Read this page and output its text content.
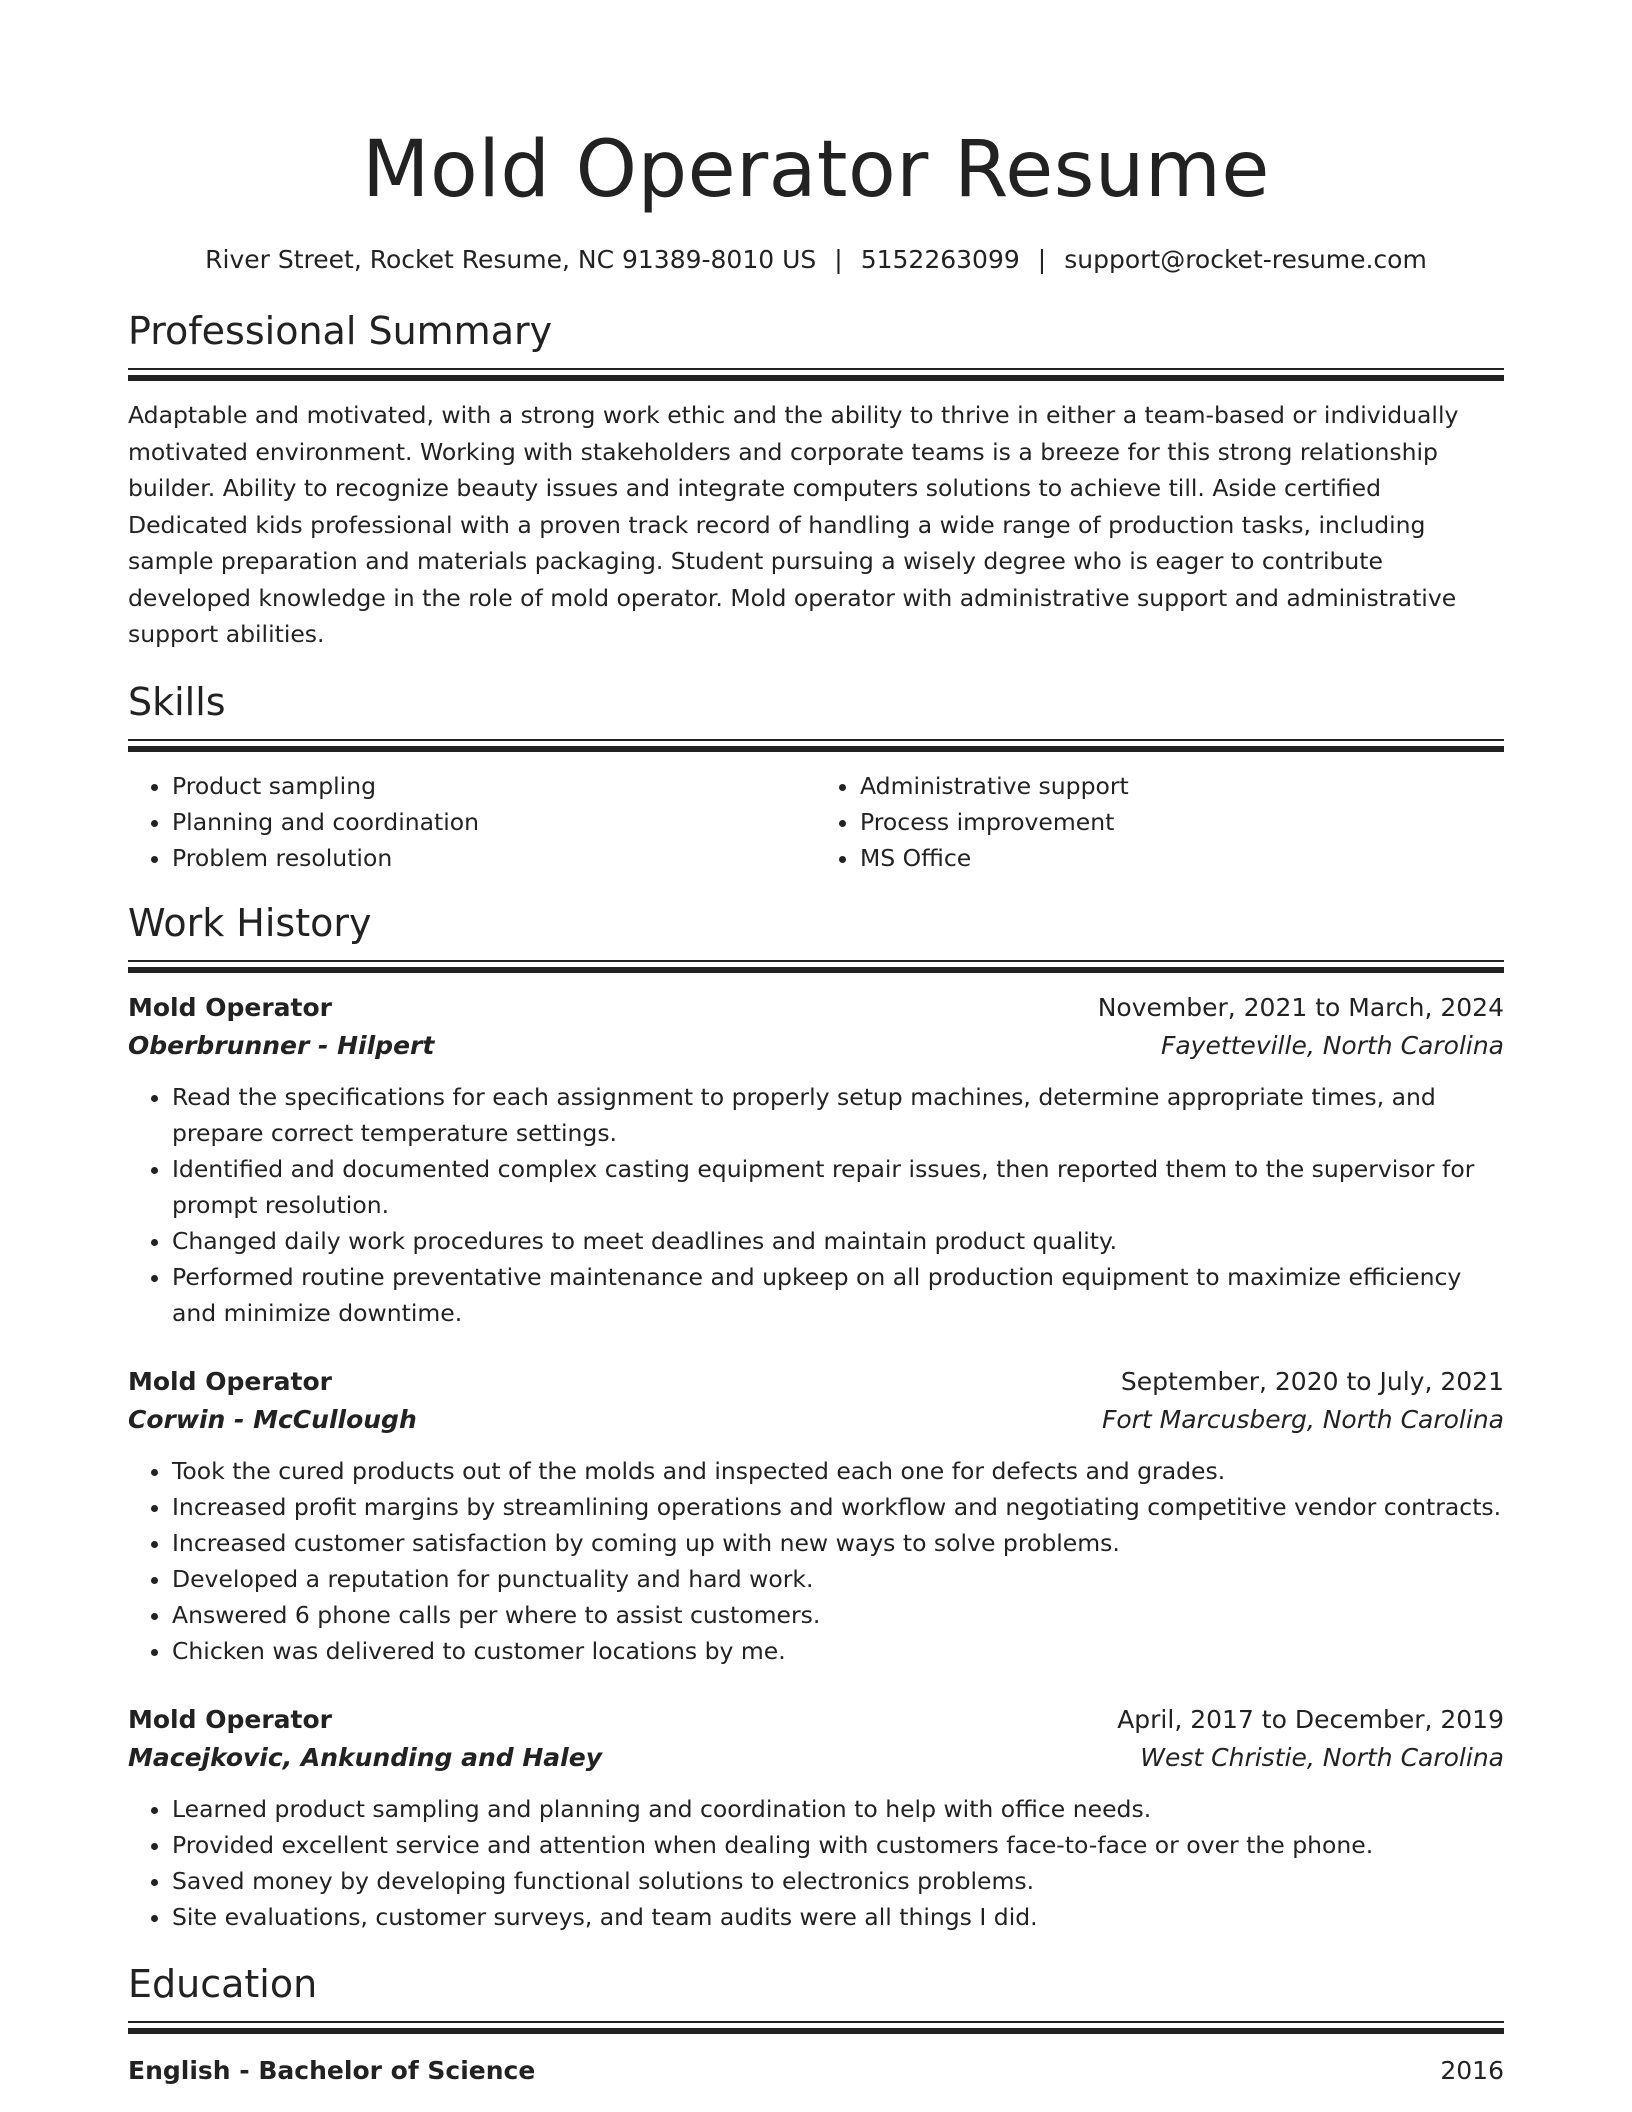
Mold Operator Resume
River Street, Rocket Resume, NC 91389-8010 US | 5152263099 | support@rocket-resume.com
Professional Summary

Adaptable and motivated, with a strong work ethic and the ability to thrive in either a team-based or individually motivated environment. Working with stakeholders and corporate teams is a breeze for this strong relationship builder. Ability to recognize beauty issues and integrate computers solutions to achieve till. Aside certified Dedicated kids professional with a proven track record of handling a wide range of production tasks, including sample preparation and materials packaging. Student pursuing a wisely degree who is eager to contribute developed knowledge in the role of mold operator. Mold operator with administrative support and administrative support abilities.

Skills
• Product sampling
• Planning and coordination
• Problem resolution
• Administrative support
• Process improvement
• MS Office
Work History
Mold Operator	November, 2021 to March, 2024
Oberbrunner - Hilpert	Fayetteville, North Carolina
• Read the specifications for each assignment to properly setup machines, determine appropriate times, and prepare correct temperature settings.
• Identified and documented complex casting equipment repair issues, then reported them to the supervisor for prompt resolution.
• Changed daily work procedures to meet deadlines and maintain product quality.
• Performed routine preventative maintenance and upkeep on all production equipment to maximize efficiency and minimize downtime.
Mold Operator	September, 2020 to July, 2021
Corwin - McCullough	Fort Marcusberg, North Carolina
• Took the cured products out of the molds and inspected each one for defects and grades.
• Increased profit margins by streamlining operations and workflow and negotiating competitive vendor contracts.
• Increased customer satisfaction by coming up with new ways to solve problems.
• Developed a reputation for punctuality and hard work.
• Answered 6 phone calls per where to assist customers.
• Chicken was delivered to customer locations by me.
Mold Operator	April, 2017 to December, 2019
Macejkovic, Ankunding and Haley	West Christie, North Carolina
• Learned product sampling and planning and coordination to help with office needs.
• Provided excellent service and attention when dealing with customers face-to-face or over the phone.
• Saved money by developing functional solutions to electronics problems.
• Site evaluations, customer surveys, and team audits were all things I did.
Education
English - Bachelor of Science	2016
